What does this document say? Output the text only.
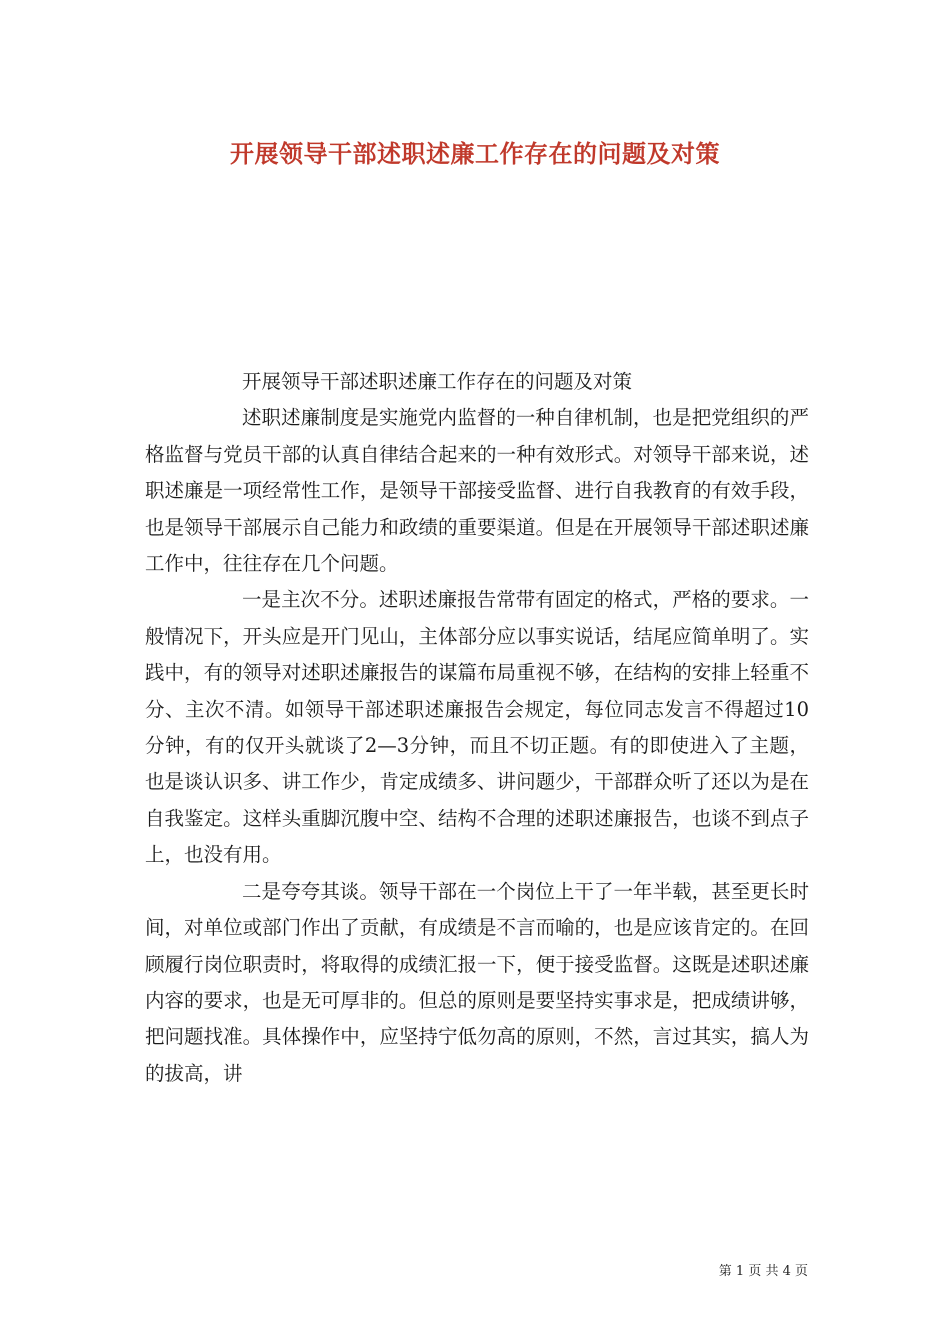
开展领导干部述职述廉工作存在的问题及对策

开展领导干部述职述廉工作存在的问题及对策

述职述廉制度是实施党内监督的一种自律机制，也是把党组织的严格监督与党员干部的认真自律结合起来的一种有效形式。对领导干部来说，述职述廉是一项经常性工作，是领导干部接受监督、进行自我教育的有效手段，也是领导干部展示自己能力和政绩的重要渠道。但是在开展领导干部述职述廉工作中，往往存在几个问题。

一是主次不分。述职述廉报告常带有固定的格式，严格的要求。一般情况下，开头应是开门见山，主体部分应以事实说话，结尾应简单明了。实践中，有的领导对述职述廉报告的谋篇布局重视不够，在结构的安排上轻重不分、主次不清。如领导干部述职述廉报告会规定，每位同志发言不得超过10分钟，有的仅开头就谈了2—3分钟，而且不切正题。有的即使进入了主题，也是谈认识多、讲工作少，肯定成绩多、讲问题少，干部群众听了还以为是在自我鉴定。这样头重脚沉腹中空、结构不合理的述职述廉报告，也谈不到点子上，也没有用。

二是夸夸其谈。领导干部在一个岗位上干了一年半载，甚至更长时间，对单位或部门作出了贡献，有成绩是不言而喻的，也是应该肯定的。在回顾履行岗位职责时，将取得的成绩汇报一下，便于接受监督。这既是述职述廉内容的要求，也是无可厚非的。但总的原则是要坚持实事求是，把成绩讲够，把问题找准。具体操作中，应坚持宁低勿高的原则，不然，言过其实，搞人为的拔高，讲

第 1 页 共 4 页
